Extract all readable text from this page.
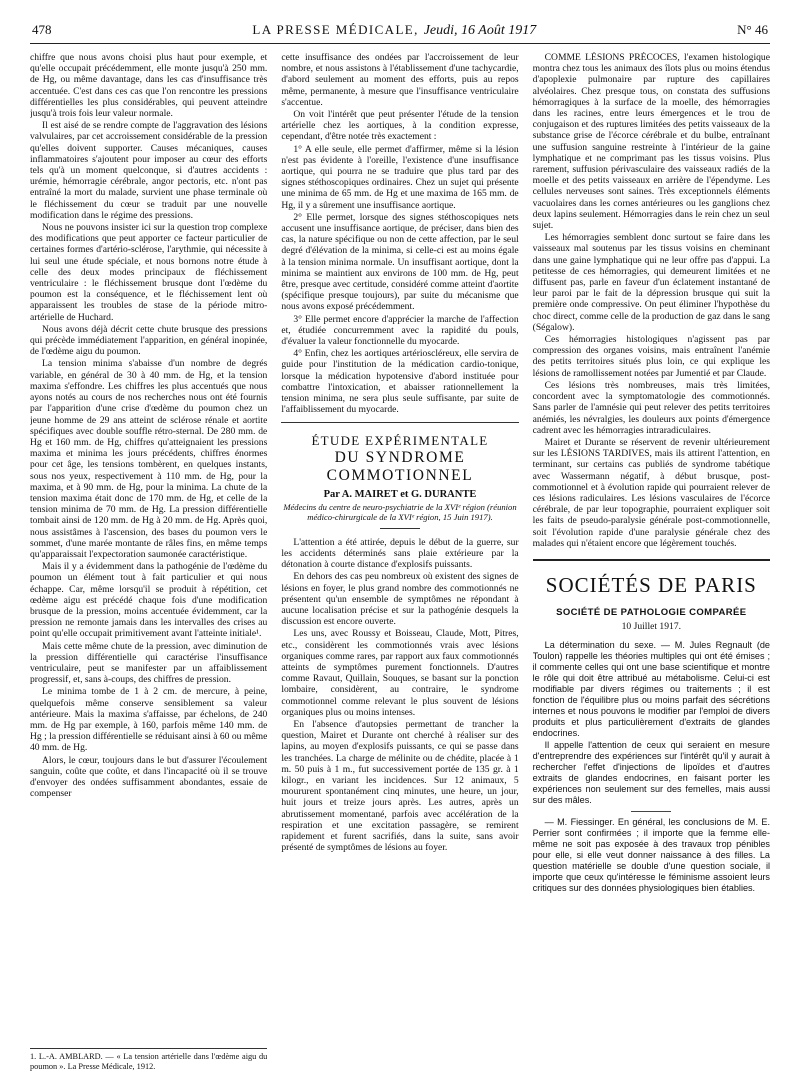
478	LA PRESSE MÉDICALE, Jeudi, 16 Août 1917	N° 46

chiffre que nous avons choisi plus haut pour exemple, et qu'elle occupait précédemment, elle monte jusqu'à 250 mm. de Hg, ou même davantage, dans les cas d'insuffisance très accentuée. C'est dans ces cas que l'on rencontre les pressions différentielles les plus considérables, qui peuvent atteindre jusqu'à trois fois leur valeur normale.

Il est aisé de se rendre compte de l'aggravation des lésions valvulaires, par cet accroissement considérable de la pression qu'elles doivent supporter. Causes mécaniques, causes inflammatoires s'ajoutent pour imposer au cœur des efforts tels qu'à un moment quelconque, si d'autres accidents : urémie, hémorragie cérébrale, angor pectoris, etc. n'ont pas entraîné la mort du malade, survient une phase terminale où le fléchissement du cœur se traduit par une nouvelle modification dans le régime des pressions.

Nous ne pouvons insister ici sur la question trop complexe des modifications que peut apporter ce facteur particulier de certaines formes d'artério-sclérose, l'arythmie, qui nécessite à lui seul une étude spéciale, et nous bornons notre étude à celle des deux modes principaux de fléchissement ventriculaire : le fléchissement brusque dont l'œdème du poumon est la conséquence, et le fléchissement lent où apparaissent les troubles de stase de la période mitro-artérielle de Huchard.

Nous avons déjà décrit cette chute brusque des pressions qui précède immédiatement l'apparition, en général inopinée, de l'œdème aigu du poumon.

La tension minima s'abaisse d'un nombre de degrés variable, en général de 30 à 40 mm. de Hg, et la tension maxima s'effondre. Les chiffres les plus accentués que nous ayons notés au cours de nos recherches nous ont été fournis par l'apparition d'une crise d'œdème du poumon chez un jeune homme de 29 ans atteint de sclérose rénale et aortite spécifiques avec double souffle rétro-sternal. De 280 mm. de Hg et 160 mm. de Hg, chiffres qu'atteignaient les pressions maxima et minima les jours précédents, chiffres énormes pour cet âge, les tensions tombèrent, en quelques instants, sous nos yeux, respectivement à 110 mm. de Hg, pour la maxima, et à 90 mm. de Hg, pour la minima. La chute de la tension maxima était donc de 170 mm. de Hg, et celle de la tension minima de 70 mm. de Hg. La pression différentielle tombait ainsi de 120 mm. de Hg à 20 mm. de Hg. Après quoi, nous assistâmes à l'ascension, des bases du poumon vers le sommet, d'une marée montante de râles fins, en même temps qu'apparaissait l'expectoration saumonée caractéristique.

Mais il y a évidemment dans la pathogénie de l'œdème du poumon un élément tout à fait particulier et qui nous échappe. Car, même lorsqu'il se produit à répétition, cet œdème aigu est précédé chaque fois d'une modification brusque de la pression, moins accentuée évidemment, car la pression ne remonte jamais dans les intervalles des crises au point qu'elle occupait primitivement avant l'atteinte initiale¹.

Mais cette même chute de la pression, avec diminution de la pression différentielle qui caractérise l'insuffisance ventriculaire, peut se manifester par un affaiblissement progressif, et, sans à-coups, des chiffres de pression.

Le minima tombe de 1 à 2 cm. de mercure, à peine, quelquefois même conserve sensiblement sa valeur antérieure. Mais la maxima s'affaisse, par échelons, de 240 mm. de Hg par exemple, à 160, parfois même 140 mm. de Hg ; la pression différentielle se réduisant ainsi à 60 ou même 40 mm. de Hg.

Alors, le cœur, toujours dans le but d'assurer l'écoulement sanguin, coûte que coûte, et dans l'incapacité où il se trouve d'envoyer des ondées suffisamment abondantes, essaie de compenser

1. L.-A. AMBLARD. — « La tension artérielle dans l'œdème aigu du poumon ». La Presse Médicale, 1912.

cette insuffisance des ondées par l'accroissement de leur nombre, et nous assistons à l'établissement d'une tachycardie, d'abord seulement au moment des efforts, puis au repos même, permanente, à mesure que l'insuffisance ventriculaire s'accentue.

On voit l'intérêt que peut présenter l'étude de la tension artérielle chez les aortiques, à la condition expresse, cependant, d'être notée très exactement :

1° A elle seule, elle permet d'affirmer, même si la lésion n'est pas évidente à l'oreille, l'existence d'une insuffisance aortique, qui pourra ne se traduire que plus tard par des signes stéthoscopiques ordinaires. Chez un sujet qui présente une minima de 65 mm. de Hg et une maxima de 165 mm. de Hg, il y a sûrement une insuffisance aortique.

2° Elle permet, lorsque des signes stéthoscopiques nets accusent une insuffisance aortique, de préciser, dans bien des cas, la nature spécifique ou non de cette affection, par le seul degré d'élévation de la minima, si celle-ci est au moins égale à la tension minima normale. Un insuffisant aortique, dont la minima se maintient aux environs de 100 mm. de Hg, peut être, presque avec certitude, considéré comme atteint d'aortite (spécifique presque toujours), par suite du mécanisme que nous avons exposé précédemment.

3° Elle permet encore d'apprécier la marche de l'affection et, étudiée concurremment avec la rapidité du pouls, d'évaluer la valeur fonctionnelle du myocarde.

4° Enfin, chez les aortiques artérioscléreux, elle servira de guide pour l'institution de la médication cardio-tonique, lorsque la médication hypotensive d'abord instituée pour combattre l'intoxication, et abaisser rationnellement la tension minima, ne sera plus seule suffisante, par suite de l'affaiblissement du myocarde.

ÉTUDE EXPÉRIMENTALE
DU SYNDROME COMMOTIONNEL
Par A. MAIRET et G. DURANTE
Médecins du centre de neuro-psychiatrie de la XVIᵉ région (réunion médico-chirurgicale de la XVIᵉ région, 15 Juin 1917).

L'attention a été attirée, depuis le début de la guerre, sur les accidents déterminés sans plaie extérieure par la détonation à courte distance d'explosifs puissants.

En dehors des cas peu nombreux où existent des signes de lésions en foyer, le plus grand nombre des commotionnés ne présentent qu'un ensemble de symptômes ne répondant à aucune localisation précise et sur la pathogénie desquels la discussion est encore ouverte.

Les uns, avec Roussy et Boisseau, Claude, Mott, Pitres, etc., considèrent les commotionnés vrais avec lésions organiques comme rares, par rapport aux faux commotionnés atteints de symptômes purement fonctionnels. D'autres comme Ravaut, Quillain, Souques, se basant sur la ponction lombaire, considèrent, au contraire, le syndrome commotionnel comme relevant le plus souvent de lésions organiques plus ou moins intenses.

En l'absence d'autopsies permettant de trancher la question, Mairet et Durante ont cherché à réaliser sur des lapins, au moyen d'explosifs puissants, ce qui se passe dans les tranchées. La charge de mélinite ou de chédite, placée à 1 m. 50 puis à 1 m., fut successivement portée de 135 gr. à 1 kilogr., en variant les incidences. Sur 12 animaux, 5 moururent spontanément cinq minutes, une heure, un jour, huit jours et treize jours après. Les autres, après un abrutissement momentané, parfois avec accélération de la respiration et une excitation passagère, se remirent rapidement et furent sacrifiés, dans la suite, sans avoir présenté de symptômes de lésions au foyer.

COMME LÉSIONS PRÉCOCES, l'examen histologique montra chez tous les animaux des îlots plus ou moins étendus d'apoplexie pulmonaire par rupture des capillaires alvéolaires. Chez presque tous, on constata des suffusions hémorragiques à la surface de la moelle, des hémorragies dans les racines, entre leurs émergences et le trou de conjugaison et des ruptures limitées des petits vaisseaux de la substance grise de l'écorce cérébrale et du bulbe, entraînant une suffusion sanguine restreinte à l'intérieur de la gaine lymphatique et ne comprimant pas les tissus voisins. Plus rarement, suffusion périvasculaire des vaisseaux radiés de la moelle et des petits vaisseaux en arrière de l'épendyme. Les cellules nerveuses sont saines. Très exceptionnels éléments vacuolaires dans les cornes antérieures ou les ganglions chez deux lapins seulement. Hémorragies dans le rein chez un seul sujet.

Les hémorragies semblent donc surtout se faire dans les vaisseaux mal soutenus par les tissus voisins en cheminant dans une gaine lymphatique qui ne leur offre pas d'appui. La petitesse de ces hémorragies, qui demeurent limitées et ne diffusent pas, parle en faveur d'un éclatement instantané de leur paroi par le fait de la dépression brusque qui suit la première onde compressive. On peut éliminer l'hypothèse du choc direct, comme celle de la production de gaz dans le sang (Ségalow).

Ces hémorragies histologiques n'agissent pas par compression des organes voisins, mais entraînent l'anémie des petits territoires situés plus loin, ce qui explique les lésions de ramollissement notées par Jumentié et par Claude.

Ces lésions très nombreuses, mais très limitées, concordent avec la symptomatologie des commotionnés. Sans parler de l'amnésie qui peut relever des petits territoires anémiés, les névralgies, les douleurs aux points d'émergence cadrent avec les hémorragies intraradiculaires.

Mairet et Durante se réservent de revenir ultérieurement sur les LÉSIONS TARDIVES, mais ils attirent l'attention, en terminant, sur certains cas publiés de syndrome tabétique avec Wassermann négatif, à début brusque, post-commotionnel et à évolution rapide qui pourraient relever de ces lésions radiculaires. Les lésions vasculaires de l'écorce cérébrale, de par leur topographie, pourraient expliquer soit les faits de pseudo-paralysie générale post-commotionnelle, soit l'évolution rapide d'une paralysie générale chez des malades qui n'étaient encore que légèrement touchés.

SOCIÉTÉS DE PARIS
SOCIÉTÉ DE PATHOLOGIE COMPARÉE
10 Juillet 1917.

La détermination du sexe. — M. Jules Regnault (de Toulon) rappelle les théories multiples qui ont été émises ; il commente celles qui ont une base scientifique et montre le rôle qui doit être attribué au métabolisme. Celui-ci est modifiable par divers régimes ou traitements ; il est fonction de l'équilibre plus ou moins parfait des sécrétions internes et nous pouvons le modifier par l'emploi de divers produits et plus particulièrement d'extraits de glandes endocrines.

Il appelle l'attention de ceux qui seraient en mesure d'entreprendre des expériences sur l'intérêt qu'il y aurait à rechercher l'effet d'injections de lipoïdes et d'autres extraits de glandes endocrines, en faisant porter les expériences non seulement sur des femelles, mais aussi sur des mâles.

— M. Fiessinger. En général, les conclusions de M. E. Perrier sont confirmées ; il importe que la femme elle-même ne soit pas exposée à des travaux trop pénibles pour elle, si elle veut donner naissance à des filles. La question matérielle se double d'une question sociale, il importe que ceux qu'intéresse le féminisme assoient leurs critiques sur des données physiologiques bien établies.
